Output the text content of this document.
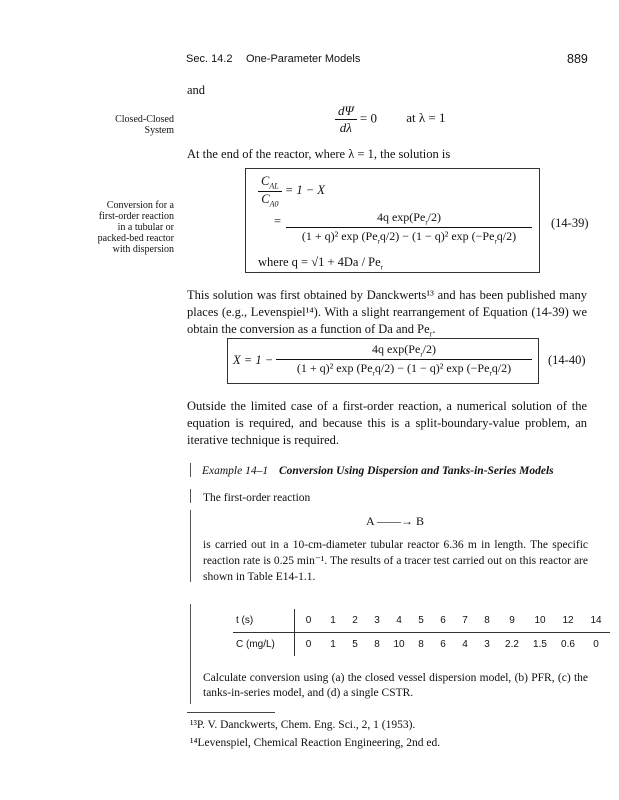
Sec. 14.2 One-Parameter Models	889
and
Closed-Closed
System	$\frac{d\Psi}{d\lambda} = 0$ at λ = 1
At the end of the reactor, where λ = 1, the solution is
Conversion for a
first-order reaction
in a tubular or
packed-bed reactor
with dispersion
$\frac{C_{AL}}{C_{A0}} = 1 - X$
=	4q $\exp(Pe_r/2)$
(1 + q)² $\exp (Pe_rq/2) - (1 - q)^2$ $\exp (-Pe_rq/2)$
where $q = √1 + 4Da / Pe_r$
(14-39)
This solution was first obtained by Danckwerts¹³ and has been published many places (e.g., Levenspiel¹⁴). With a slight rearrangement of Equation (14-39) we obtain the conversion as a function of Da and $Pe_r$.
X = 1 −
4q $\exp(Pe_r/2)$
(1 + q)² $\exp (Pe_rq/2) - (1 - q)^2$ $\exp (-Pe_rq/2)$
(14-40)
Outside the limited case of a first-order reaction, a numerical solution of the equation is required, and because this is a split-boundary-value problem, an iterative technique is required.
Example 14–1 Conversion Using Dispersion and Tanks-in-Series Models
The first-order reaction
A ——→ B
is carried out in a 10-cm-diameter tubular reactor 6.36 m in length. The specific reaction rate is 0.25 min⁻¹. The results of a tracer test carried out on this reactor are shown in Table E14-1.1.
t (s)	0	1	2	3	4	5	6	7	8	9	10	12	14
C (mg/L)	0	1	5	8	10	8	6	4	3	2.2	1.5	0.6	0
Calculate conversion using (a) the closed vessel dispersion model, (b) PFR, (c) the tanks-in-series model, and (d) a single CSTR.
¹³P. V. Danckwerts, Chem. Eng. Sci., 2, 1 (1953).
¹⁴Levenspiel, Chemical Reaction Engineering, 2nd ed.
